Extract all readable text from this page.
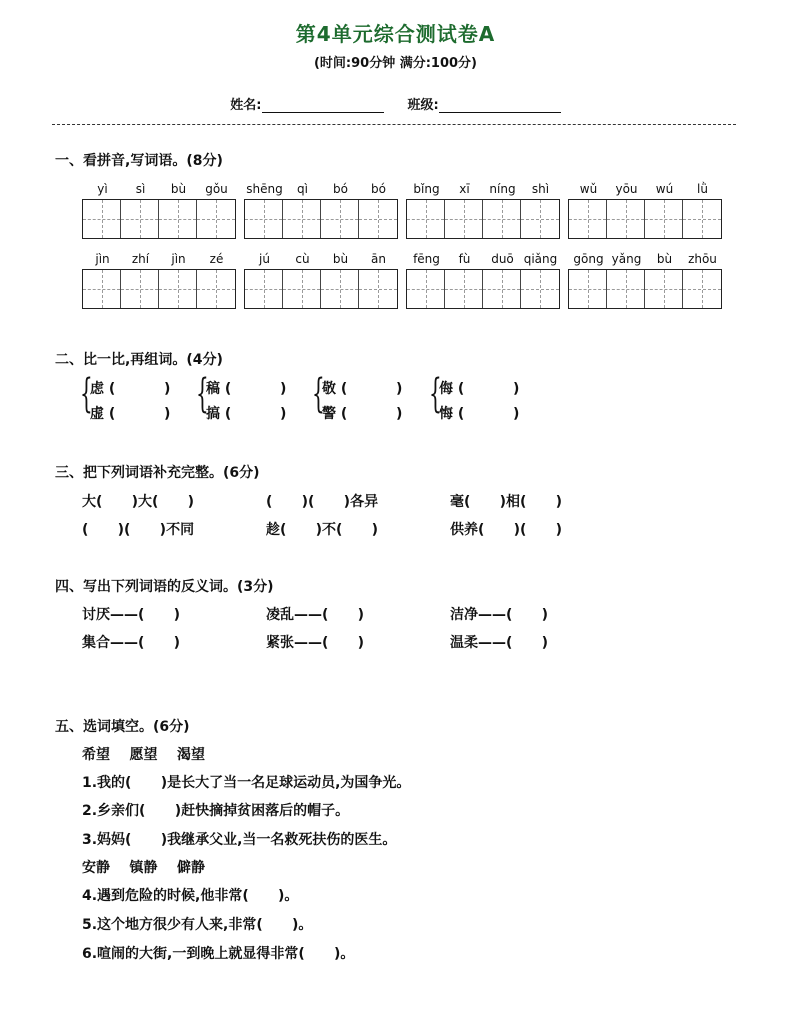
第4单元综合测试卷A
(时间:90分钟 满分:100分)
姓名:	班级:
一、看拼音,写词语。(8分)
yì	sì	bù	gǒu	shēng	qì	bó	bó	bǐng	xī	níng	shì	wǔ	yōu	wú	lǜ
jìn	zhí	jìn	zé	jú	cù	bù	ān	fēng	fù	duō qiǎng	gōng yǎng	bù	zhōu
二、比一比,再组词。(4分)
{
虑 (          )
虚 (          ) {
稿 (          )
搞 (          ) {
敬 (          )
警 (          ) {
侮 (          )
悔 (          )
三、把下列词语补充完整。(6分)
大(      )大(      )	(      )(      )各异	毫(      )相(      )
(      )(      )不同	趁(      )不(      )	供养(      )(      )
四、写出下列词语的反义词。(3分)
讨厌——(      )	凌乱——(      )	洁净——(      )
集合——(      )	紧张——(      )	温柔——(      )
五、选词填空。(6分)
希望    愿望    渴望
1.我的(      )是长大了当一名足球运动员,为国争光。
2.乡亲们(      )赶快摘掉贫困落后的帽子。
3.妈妈(      )我继承父业,当一名救死扶伤的医生。
安静    镇静    僻静
4.遇到危险的时候,他非常(      )。
5.这个地方很少有人来,非常(      )。
6.喧闹的大街,一到晚上就显得非常(      )。
